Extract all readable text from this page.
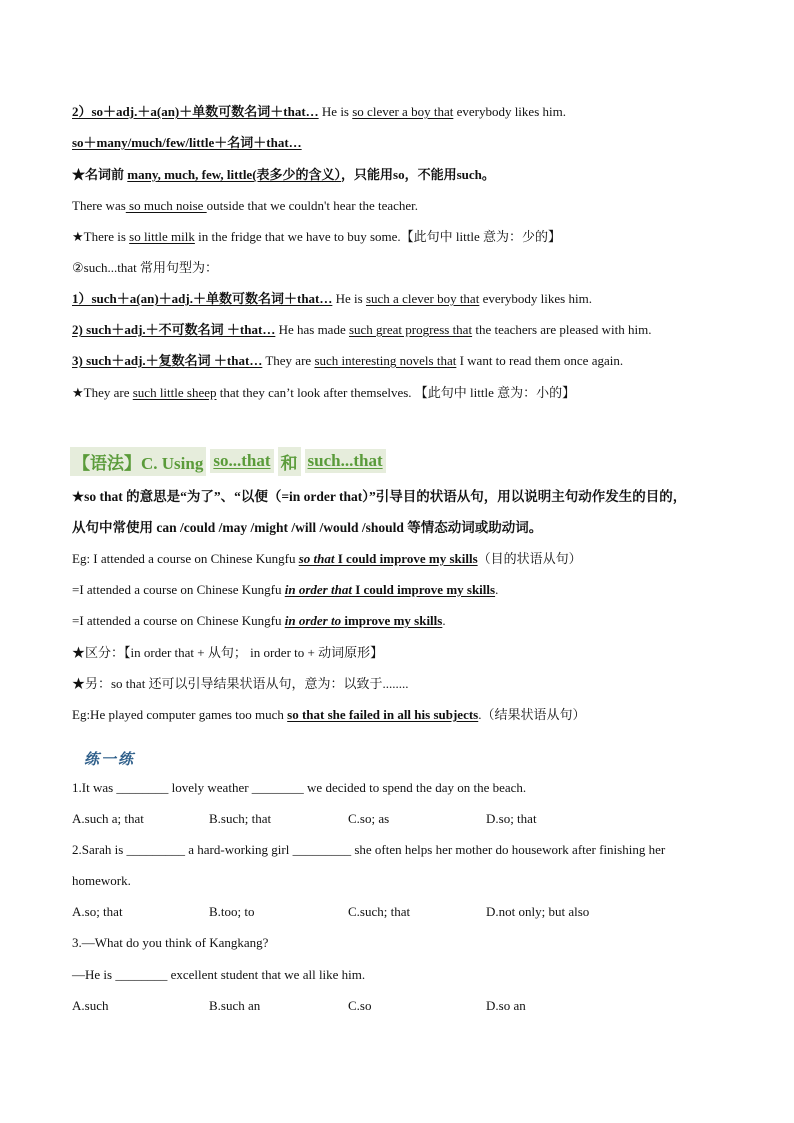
2）so＋adj.＋a(an)＋单数可数名词＋that… He is so clever a boy that everybody likes him.
so＋many/much/few/little＋名词＋that…
★名词前 many, much, few, little(表多少的含义），只能用so，不能用such。
There was so much noise outside that we couldn't hear the teacher.
★There is so little milk in the fridge that we have to buy some.【此句中 little 意为：少的】
②such...that 常用句型为：
1）such＋a(an)＋adj.＋单数可数名词＋that… He is such a clever boy that everybody likes him.
2) such＋adj.＋不可数名词 ＋that… He has made such great progress that the teachers are pleased with him.
3) such＋adj.＋复数名词 ＋that… They are such interesting novels that I want to read them once again.
★They are such little sheep that they can’t look after themselves. 【此句中 little 意为：小的】
【语法】C. Using so...that 和 such...that
★so that 的意思是“为了”、“以便（=in order that）”引导目的状语从句，用以说明主句动作发生的目的，
从句中常使用 can /could /may /might /will /would /should 等情态动词或助动词。
Eg: I attended a course on Chinese Kungfu so that I could improve my skills（目的状语从句）
=I attended a course on Chinese Kungfu in order that I could improve my skills.
=I attended a course on Chinese Kungfu in order to improve my skills.
★区分：【in order that + 从句； in order to + 动词原形】
★另：so that 还可以引导结果状语从句，意为：以致于........
Eg:He played computer games too much so that she failed in all his subjects.（结果状语从句）
练一练
1.It was ________ lovely weather ________ we decided to spend the day on the beach.
A.such a; that	B.such; that	C.so; as	D.so; that
2.Sarah is _________ a hard-working girl _________ she often helps her mother do housework after finishing her
homework.
A.so; that	B.too; to	C.such; that	D.not only; but also
3.—What do you think of Kangkang?
—He is ________ excellent student that we all like him.
A.such	B.such an	C.so	D.so an
